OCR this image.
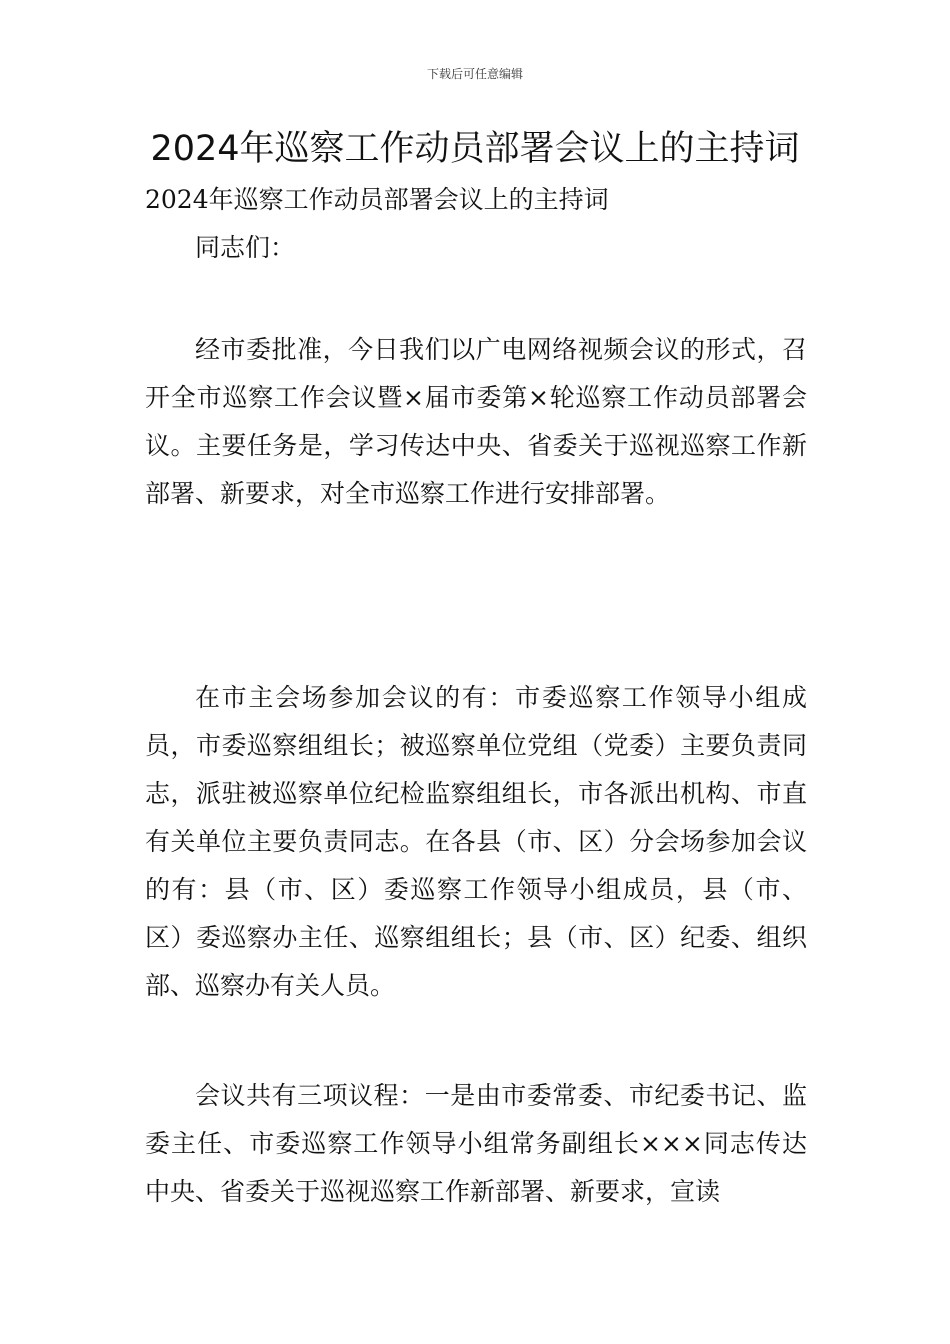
下载后可任意编辑
2024年巡察工作动员部署会议上的主持词

2024年巡察工作动员部署会议上的主持词

同志们：

经市委批准，今日我们以广电网络视频会议的形式，召开全市巡察工作会议暨×届市委第×轮巡察工作动员部署会议。主要任务是，学习传达中央、省委关于巡视巡察工作新部署、新要求，对全市巡察工作进行安排部署。

在市主会场参加会议的有：市委巡察工作领导小组成员，市委巡察组组长；被巡察单位党组（党委）主要负责同志，派驻被巡察单位纪检监察组组长，市各派出机构、市直有关单位主要负责同志。在各县（市、区）分会场参加会议的有：县（市、区）委巡察工作领导小组成员，县（市、区）委巡察办主任、巡察组组长；县（市、区）纪委、组织部、巡察办有关人员。

会议共有三项议程：一是由市委常委、市纪委书记、监委主任、市委巡察工作领导小组常务副组长×××同志传达中央、省委关于巡视巡察工作新部署、新要求，宣读
